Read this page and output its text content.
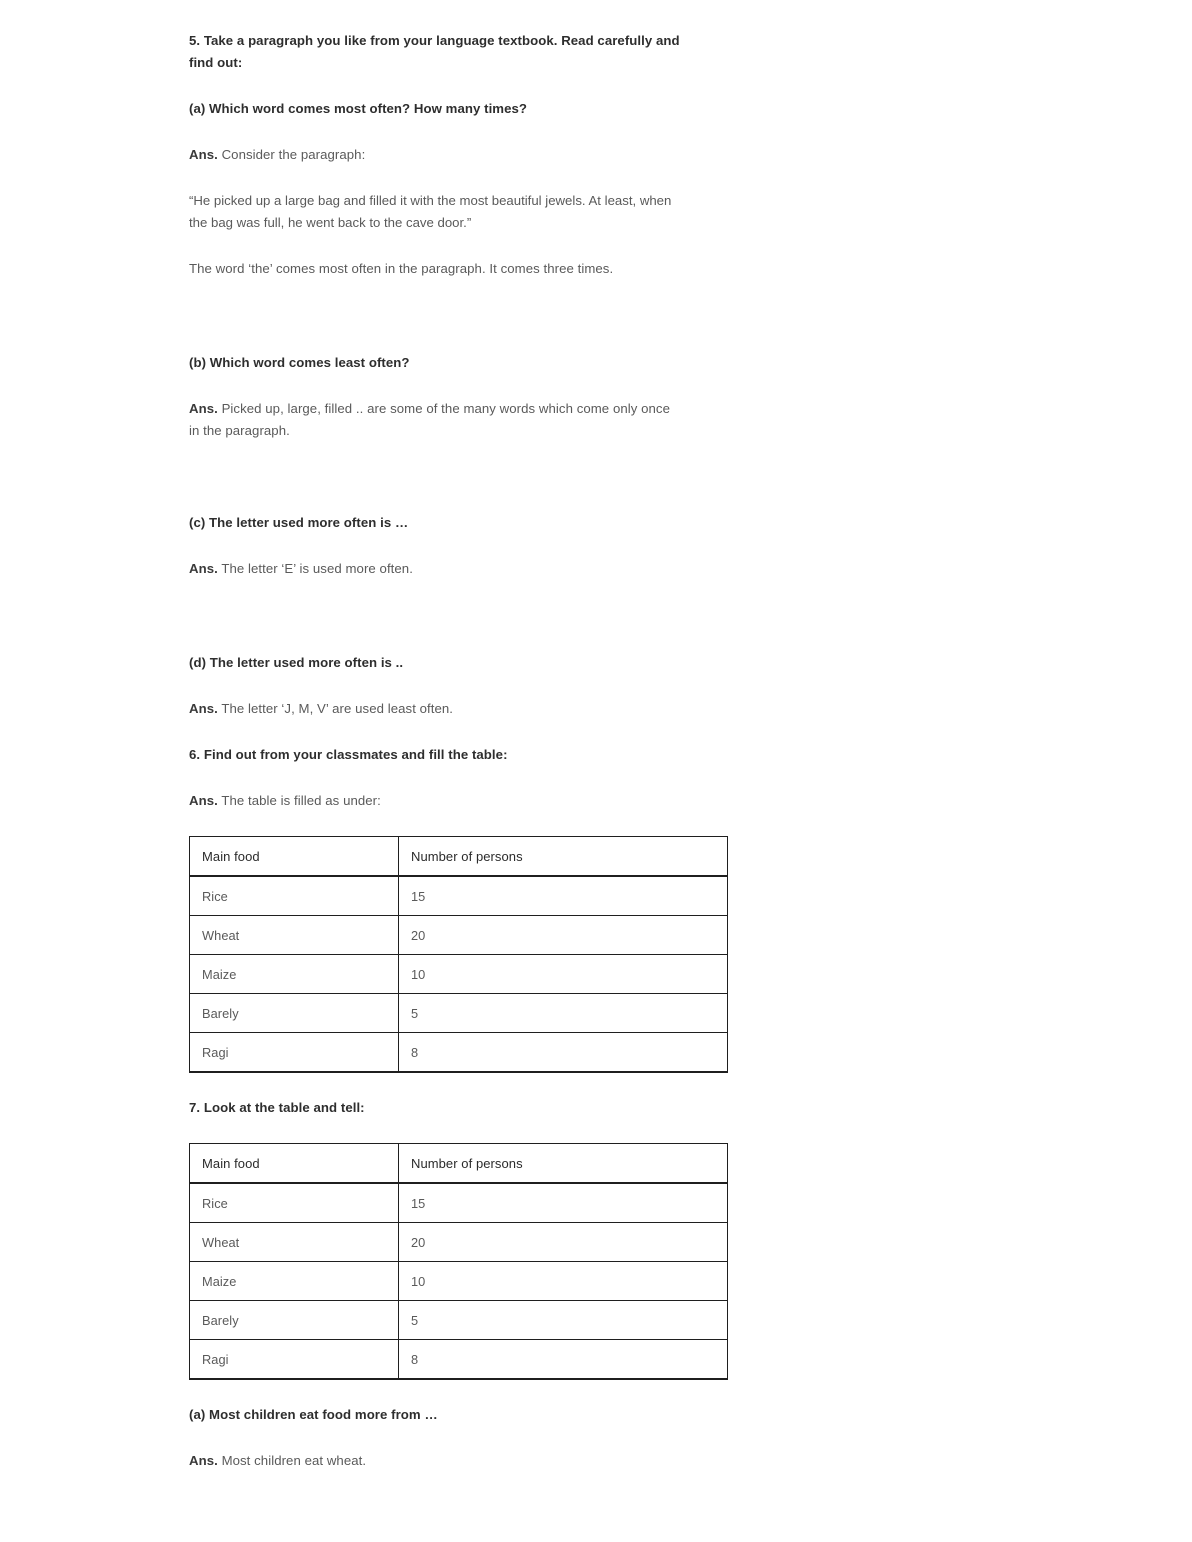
5. Take a paragraph you like from your language textbook. Read carefully and find out:

(a) Which word comes most often? How many times?

Ans. Consider the paragraph:

“He picked up a large bag and filled it with the most beautiful jewels. At least, when the bag was full, he went back to the cave door.”

The word ‘the’ comes most often in the paragraph. It comes three times.

(b) Which word comes least often?

Ans. Picked up, large, filled .. are some of the many words which come only once in the paragraph.

(c) The letter used more often is …

Ans. The letter ‘E’ is used more often.

(d) The letter used more often is ..

Ans. The letter ‘J, M, V’ are used least often.

6. Find out from your classmates and fill the table:

Ans. The table is filled as under:

Main food	Number of persons
Rice	15
Wheat	20
Maize	10
Barely	5
Ragi	8

7. Look at the table and tell:

Main food	Number of persons
Rice	15
Wheat	20
Maize	10
Barely	5
Ragi	8

(a) Most children eat food more from …

Ans. Most children eat wheat.
